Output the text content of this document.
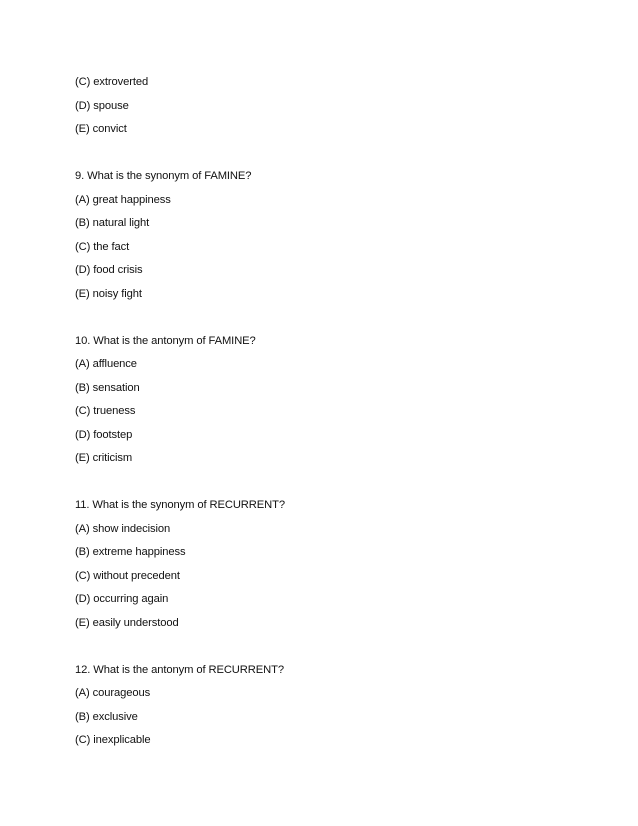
(C) extroverted
(D) spouse
(E) convict
9. What is the synonym of FAMINE?
(A) great happiness
(B) natural light
(C) the fact
(D) food crisis
(E) noisy fight
10. What is the antonym of FAMINE?
(A) affluence
(B) sensation
(C) trueness
(D) footstep
(E) criticism
11. What is the synonym of RECURRENT?
(A) show indecision
(B) extreme happiness
(C) without precedent
(D) occurring again
(E) easily understood
12. What is the antonym of RECURRENT?
(A) courageous
(B) exclusive
(C) inexplicable
